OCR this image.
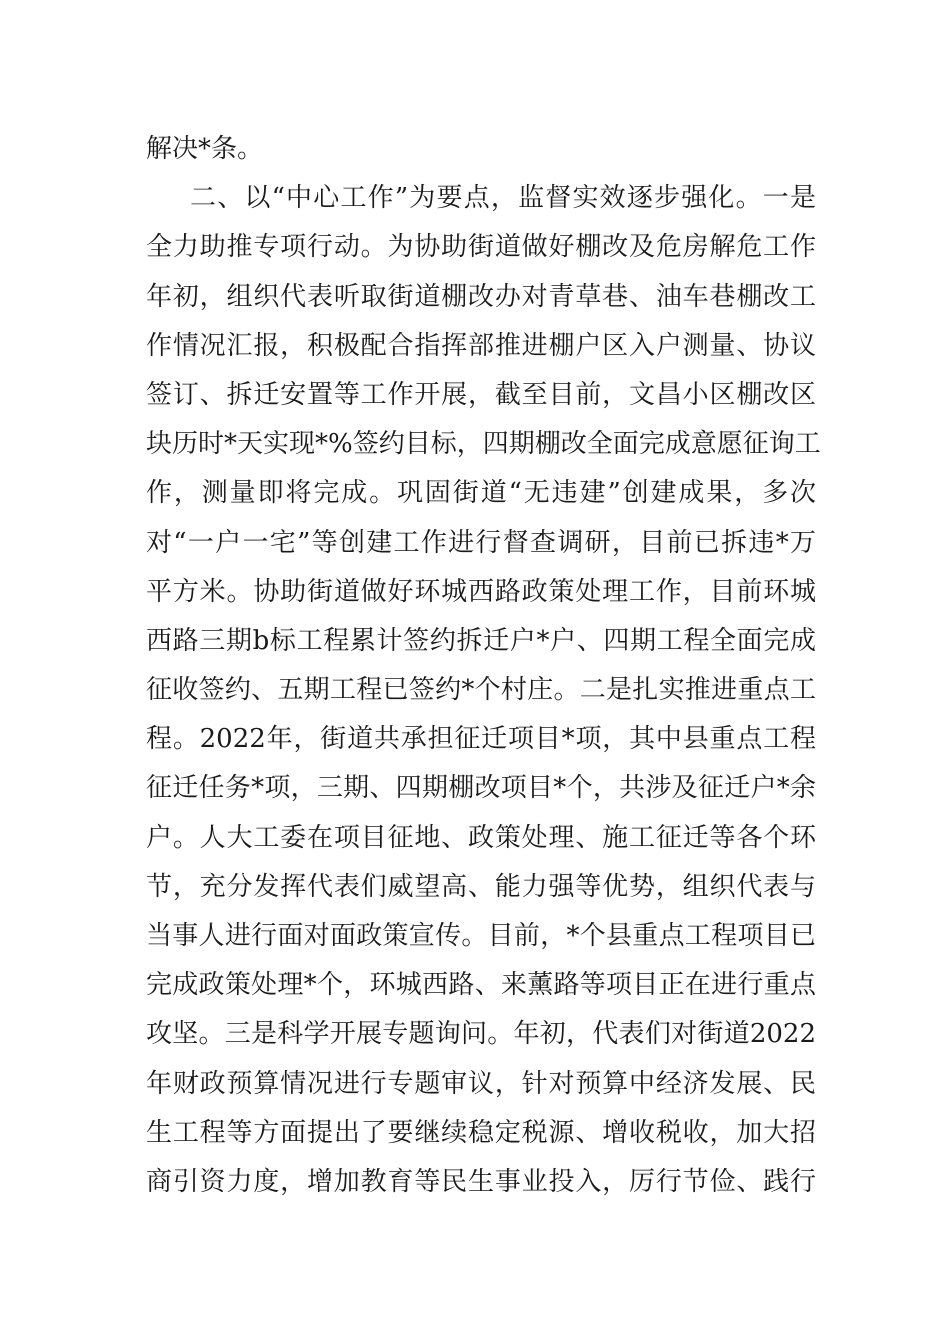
解决*条。
二、以“中心工作”为要点，监督实效逐步强化。一是
全力助推专项行动。为协助街道做好棚改及危房解危工作
年初，组织代表听取街道棚改办对青草巷、油车巷棚改工
作情况汇报，积极配合指挥部推进棚户区入户测量、协议
签订、拆迁安置等工作开展，截至目前，文昌小区棚改区
块历时*天实现*%签约目标，四期棚改全面完成意愿征询工
作，测量即将完成。巩固街道“无违建”创建成果，多次
对“一户一宅”等创建工作进行督查调研，目前已拆违*万
平方米。协助街道做好环城西路政策处理工作，目前环城
西路三期b标工程累计签约拆迁户*户、四期工程全面完成
征收签约、五期工程已签约*个村庄。二是扎实推进重点工
程。2022年，街道共承担征迁项目*项，其中县重点工程
征迁任务*项，三期、四期棚改项目*个，共涉及征迁户*余
户。人大工委在项目征地、政策处理、施工征迁等各个环
节，充分发挥代表们威望高、能力强等优势，组织代表与
当事人进行面对面政策宣传。目前，*个县重点工程项目已
完成政策处理*个，环城西路、来薰路等项目正在进行重点
攻坚。三是科学开展专题询问。年初，代表们对街道2022
年财政预算情况进行专题审议，针对预算中经济发展、民
生工程等方面提出了要继续稳定税源、增收税收，加大招
商引资力度，增加教育等民生事业投入，厉行节俭、践行
